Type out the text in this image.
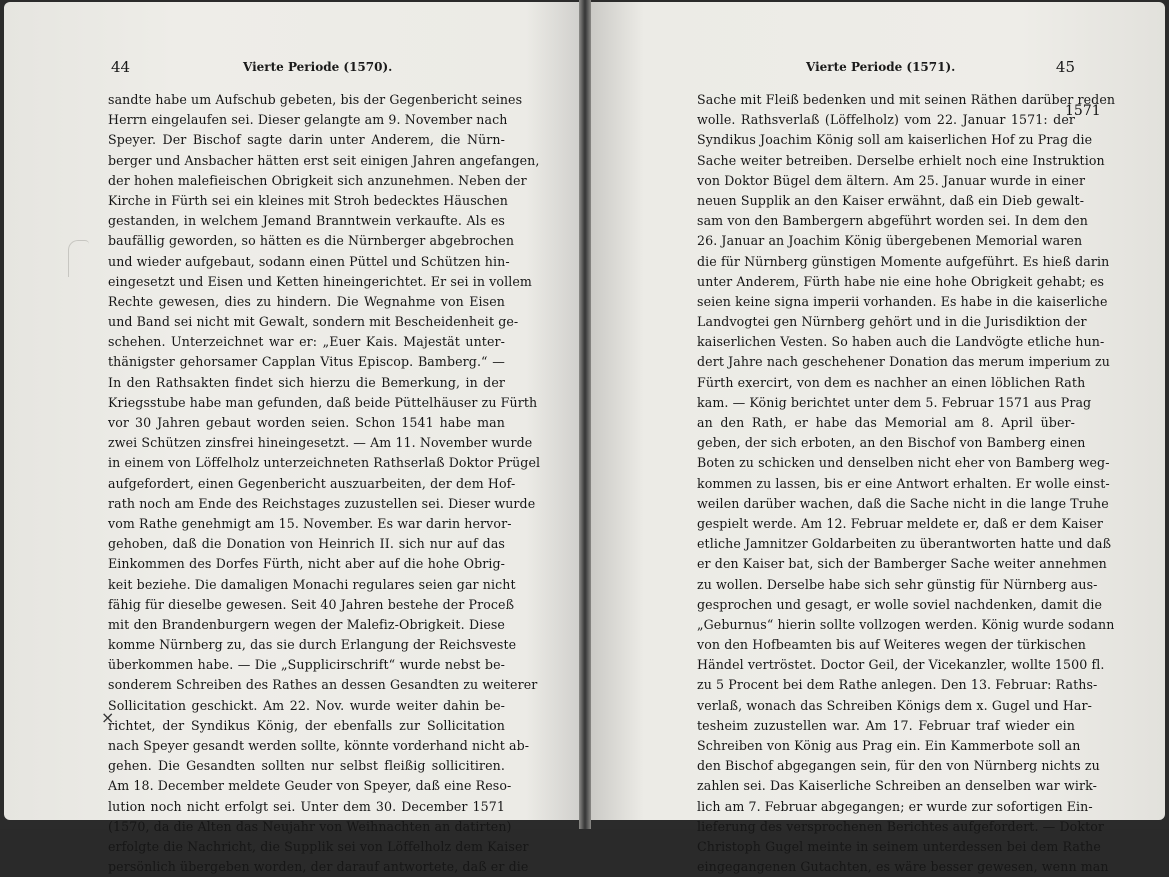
44	Vierte Periode (1570).
sandte habe um Aufschub gebeten, bis der Gegenbericht seines
Herrn eingelaufen sei. Dieser gelangte am 9. November nach
Speyer. Der Bischof sagte darin unter Anderem, die Nürn-
berger und Ansbacher hätten erst seit einigen Jahren angefangen,
der hohen malefieischen Obrigkeit sich anzunehmen. Neben der
Kirche in Fürth sei ein kleines mit Stroh bedecktes Häuschen
gestanden, in welchem Jemand Branntwein verkaufte. Als es
baufällig geworden, so hätten es die Nürnberger abgebrochen
und wieder aufgebaut, sodann einen Püttel und Schützen hin-
eingesetzt und Eisen und Ketten hineingerichtet. Er sei in vollem
Rechte gewesen, dies zu hindern. Die Wegnahme von Eisen
und Band sei nicht mit Gewalt, sondern mit Bescheidenheit ge-
schehen. Unterzeichnet war er: „Euer Kais. Majestät unter-
thänigster gehorsamer Capplan Vitus Episcop. Bamberg.“ —
In den Rathsakten findet sich hierzu die Bemerkung, in der
Kriegsstube habe man gefunden, daß beide Püttelhäuser zu Fürth
vor 30 Jahren gebaut worden seien. Schon 1541 habe man
zwei Schützen zinsfrei hineingesetzt. — Am 11. November wurde
in einem von Löffelholz unterzeichneten Rathserlaß Doktor Prügel
aufgefordert, einen Gegenbericht auszuarbeiten, der dem Hof-
rath noch am Ende des Reichstages zuzustellen sei. Dieser wurde
vom Rathe genehmigt am 15. November. Es war darin hervor-
gehoben, daß die Donation von Heinrich II. sich nur auf das
Einkommen des Dorfes Fürth, nicht aber auf die hohe Obrig-
keit beziehe. Die damaligen Monachi regulares seien gar nicht
fähig für dieselbe gewesen. Seit 40 Jahren bestehe der Proceß
mit den Brandenburgern wegen der Malefiz-Obrigkeit. Diese
komme Nürnberg zu, das sie durch Erlangung der Reichsveste
überkommen habe. — Die „Supplicirschrift“ wurde nebst be-
sonderem Schreiben des Rathes an dessen Gesandten zu weiterer
Sollicitation geschickt. Am 22. Nov. wurde weiter dahin be-
richtet, der Syndikus König, der ebenfalls zur Sollicitation
nach Speyer gesandt werden sollte, könnte vorderhand nicht ab-
gehen. Die Gesandten sollten nur selbst fleißig sollicitiren.
Am 18. December meldete Geuder von Speyer, daß eine Reso-
lution noch nicht erfolgt sei. Unter dem 30. December 1571
(1570, da die Alten das Neujahr von Weihnachten an datirten)
erfolgte die Nachricht, die Supplik sei von Löffelholz dem Kaiser
persönlich übergeben worden, der darauf antwortete, daß er die
Vierte Periode (1571).	45
Sache mit Fleiß bedenken und mit seinen Räthen darüber reden
wolle. Rathsverlaß (Löffelholz) vom 22. Januar 1571: der
Syndikus Joachim König soll am kaiserlichen Hof zu Prag die
Sache weiter betreiben. Derselbe erhielt noch eine Instruktion
von Doktor Bügel dem ältern. Am 25. Januar wurde in einer
neuen Supplik an den Kaiser erwähnt, daß ein Dieb gewalt-
sam von den Bambergern abgeführt worden sei. In dem den
26. Januar an Joachim König übergebenen Memorial waren
die für Nürnberg günstigen Momente aufgeführt. Es hieß darin
unter Anderem, Fürth habe nie eine hohe Obrigkeit gehabt; es
seien keine signa imperii vorhanden. Es habe in die kaiserliche
Landvogtei gen Nürnberg gehört und in die Jurisdiktion der
kaiserlichen Vesten. So haben auch die Landvögte etliche hun-
dert Jahre nach geschehener Donation das merum imperium zu
Fürth exercirt, von dem es nachher an einen löblichen Rath
kam. — König berichtet unter dem 5. Februar 1571 aus Prag
an den Rath, er habe das Memorial am 8. April über-
geben, der sich erboten, an den Bischof von Bamberg einen
Boten zu schicken und denselben nicht eher von Bamberg weg-
kommen zu lassen, bis er eine Antwort erhalten. Er wolle einst-
weilen darüber wachen, daß die Sache nicht in die lange Truhe
gespielt werde. Am 12. Februar meldete er, daß er dem Kaiser
etliche Jamnitzer Goldarbeiten zu überantworten hatte und daß
er den Kaiser bat, sich der Bamberger Sache weiter annehmen
zu wollen. Derselbe habe sich sehr günstig für Nürnberg aus-
gesprochen und gesagt, er wolle soviel nachdenken, damit die
„Geburnus“ hierin sollte vollzogen werden. König wurde sodann
von den Hofbeamten bis auf Weiteres wegen der türkischen
Händel vertröstet. Doctor Geil, der Vicekanzler, wollte 1500 fl.
zu 5 Procent bei dem Rathe anlegen. Den 13. Februar: Raths-
verlaß, wonach das Schreiben Königs dem x. Gugel und Har-
tesheim zuzustellen war. Am 17. Februar traf wieder ein
Schreiben von König aus Prag ein. Ein Kammerbote soll an
den Bischof abgegangen sein, für den von Nürnberg nichts zu
zahlen sei. Das Kaiserliche Schreiben an denselben war wirk-
lich am 7. Februar abgegangen; er wurde zur sofortigen Ein-
lieferung des versprochenen Berichtes aufgefordert. — Doktor
Christoph Gugel meinte in seinem unterdessen bei dem Rathe
eingegangenen Gutachten, es wäre besser gewesen, wenn man
1571
×
